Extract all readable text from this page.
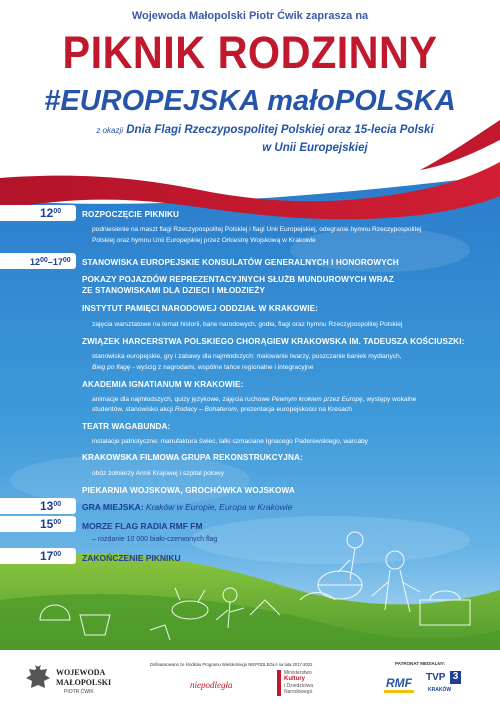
Wojewoda Małopolski Piotr Ćwik zaprasza na
PIKNIK RODZINNY
#EUROPEJSKA małoPOLSKA
z okazji Dnia Flagi Rzeczypospolitej Polskiej oraz 15-lecia Polski
w Unii Europejskiej
2 maja 2019 roku, Błonia Krakowskie
$12^{00}$	ROZPOCZĘCIE PIKNIKU
podniesienie na maszt flagi Rzeczypospolitej Polskiej i flagi Unii Europejskiej, odegranie hymnu Rzeczypospolitej
Polskiej oraz hymnu Unii Europejskiej przez Orkiestrę Wojskową w Krakowie
$12^{00}-17^{00}$ STANOWISKA EUROPEJSKIE KONSULATÓW GENERALNYCH I HONOROWYCH
POKAZY POJAZDÓW REPREZENTACYJNYCH SŁUŻB MUNDUROWYCH WRAZ
ZE STANOWISKAMI DLA DZIECI I MŁODZIEŻY
INSTYTUT PAMIĘCI NARODOWEJ ODDZIAŁ W KRAKOWIE:
zajęcia warsztatowe na temat historii, barw narodowych, godła, flagi oraz hymnu Rzeczypospolitej Polskiej
ZWIĄZEK HARCERSTWA POLSKIEGO CHORĄGIEW KRAKOWSKA IM. TADEUSZA KOŚCIUSZKI:
stanowiska europejskie, gry i zabawy dla najmłodszych: malowanie twarzy, puszczanie baniek mydlanych,
Bieg po flagę - wyścig z nagrodami, wspólne tańce regionalne i integracyjne
AKADEMIA IGNATIANUM W KRAKOWIE:
animacje dla najmłodszych, quizy językowe, zajęcia ruchowe Pewnym krokiem przez Europę, występy wokalne
studentów, stanowisko akcji Rodacy – Bohaterom, prezentacja europejskości na Kresach
TEATR WAGABUNDA:
instalacje patriotyczne: manufaktura świec, lalki szmaciane Ignacego Paderewskiego, warcaby
KRAKOWSKA FILMOWA GRUPA REKONSTRUKCYJNA:
obóz żołnierzy Armii Krajowej i szpital polowy
PIEKARNIA WOJSKOWA, GROCHÓWKA WOJSKOWA
$13^{00}$ GRA MIEJSKA: Kraków w Europie, Europa w Krakowie
$15^{00}$ MORZE FLAG RADIA RMF FM
– rozdanie 10 000 biało-czerwonych flag
$17^{00}$ ZAKOŃCZENIE PIKNIKU
WOJEWODA
MAŁOPOLSKI
PIOTR ĆWIK
Dofinansowano ze środków Programu Wieloletniego NIEPODLEGŁA na lata 2017-2022
niepodległa
Ministerstwo
Kultury
i Dziedzictwa
Narodowego
PATRONAT MEDIALNY:
RMF TVP 3
KRAKÓW
